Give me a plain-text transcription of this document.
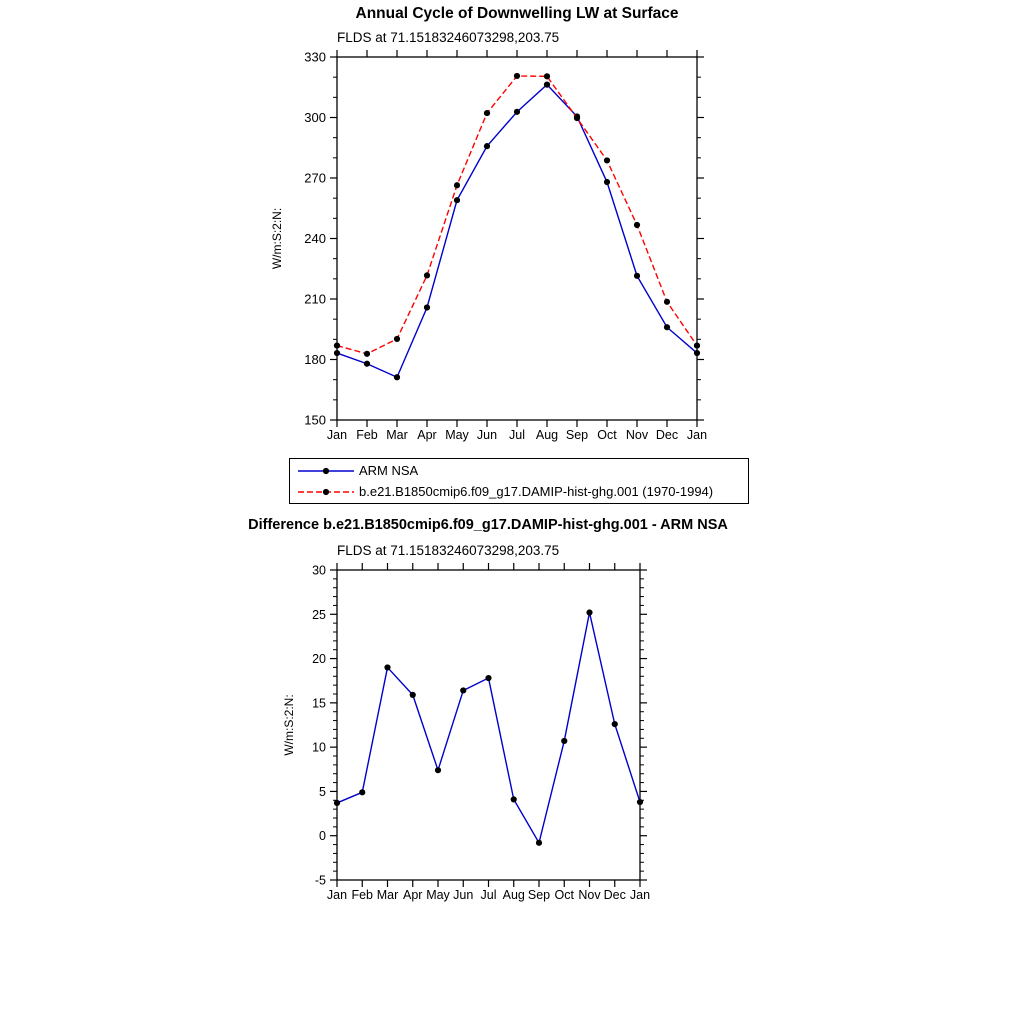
Annual Cycle of Downwelling LW at Surface
FLDS at 71.15183246073298,203.75
150
180
210
240
270
300
330
Jan Feb Mar Apr May Jun Jul Aug Sep Oct Nov Dec Jan
W/m:S:2:N:
ARM NSA
b.e21.B1850cmip6.f09_g17.DAMIP-hist-ghg.001 (1970-1994)
Difference b.e21.B1850cmip6.f09_g17.DAMIP-hist-ghg.001 - ARM NSA
FLDS at 71.15183246073298,203.75
-5
0
5
10
15
20
25
30
Jan Feb Mar Apr May Jun Jul Aug Sep Oct Nov Dec Jan
W/m:S:2:N:
